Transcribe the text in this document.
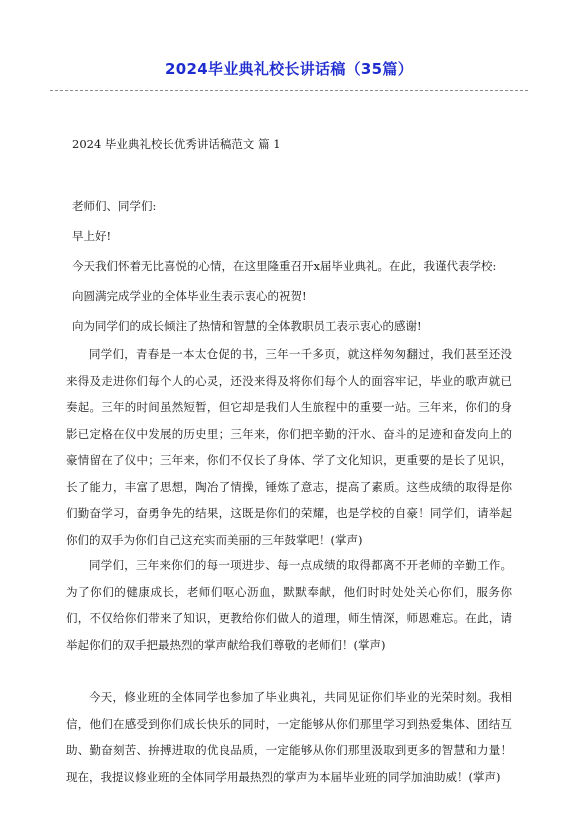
2024毕业典礼校长讲话稿（35篇）
2024 毕业典礼校长优秀讲话稿范文 篇 1
老师们、同学们:
早上好!
今天我们怀着无比喜悦的心情，在这里隆重召开x届毕业典礼。在此，我谨代表学校:
向圆满完成学业的全体毕业生表示衷心的祝贺!
向为同学们的成长倾注了热情和智慧的全体教职员工表示衷心的感谢!
同学们，青春是一本太仓促的书，三年一千多页，就这样匆匆翻过，我们甚至还没来得及走进你们每个人的心灵，还没来得及将你们每个人的面容牢记，毕业的歌声就已奏起。三年的时间虽然短暂，但它却是我们人生旅程中的重要一站。三年来，你们的身影已定格在仪中发展的历史里；三年来，你们把辛勤的汗水、奋斗的足迹和奋发向上的豪情留在了仪中；三年来，你们不仅长了身体、学了文化知识，更重要的是长了见识，长了能力，丰富了思想，陶冶了情操，锤炼了意志，提高了素质。这些成绩的取得是你们勤奋学习，奋勇争先的结果，这既是你们的荣耀，也是学校的自豪！同学们，请举起你们的双手为你们自己这充实而美丽的三年鼓掌吧！(掌声)
同学们，三年来你们的每一项进步、每一点成绩的取得都离不开老师的辛勤工作。为了你们的健康成长，老师们呕心沥血，默默奉献，他们时时处处关心你们，服务你们，不仅给你们带来了知识，更教给你们做人的道理，师生情深，师恩难忘。在此，请举起你们的双手把最热烈的掌声献给我们尊敬的老师们！(掌声)
今天，修业班的全体同学也参加了毕业典礼，共同见证你们毕业的光荣时刻。我相信，他们在感受到你们成长快乐的同时，一定能够从你们那里学习到热爱集体、团结互助、勤奋刻苦、拚搏进取的优良品质，一定能够从你们那里汲取到更多的智慧和力量！现在，我提议修业班的全体同学用最热烈的掌声为本届毕业班的同学加油助威！(掌声)
